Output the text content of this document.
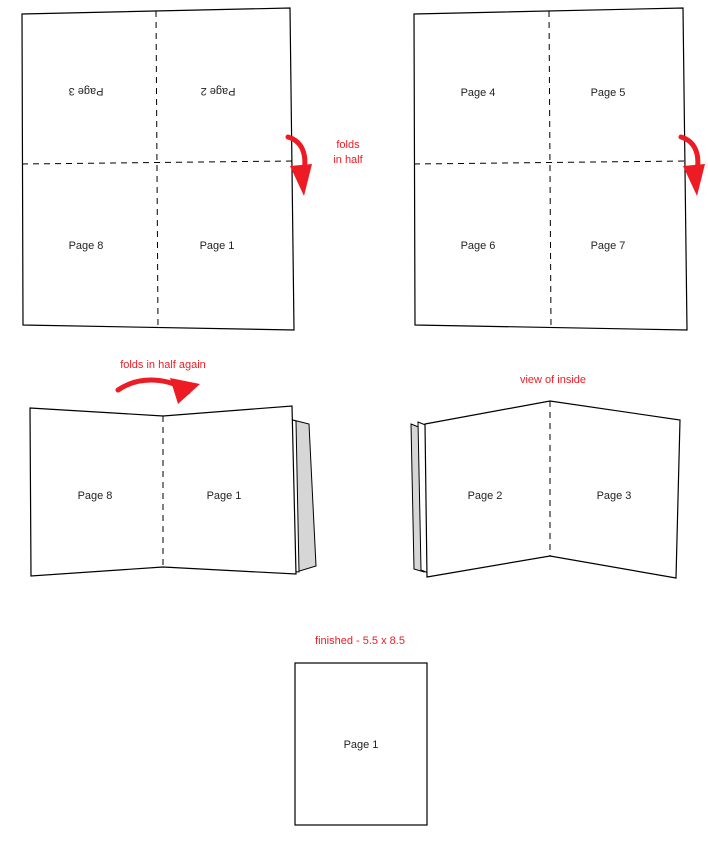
Page 3	Page 2
Page 8	Page 1
Page 4	Page 5
Page 6	Page 7
Page 8	Page 1	Page 2	Page 3
Page 1
folds
in half
folds in half again
view of inside
finished - 5.5 x 8.5
